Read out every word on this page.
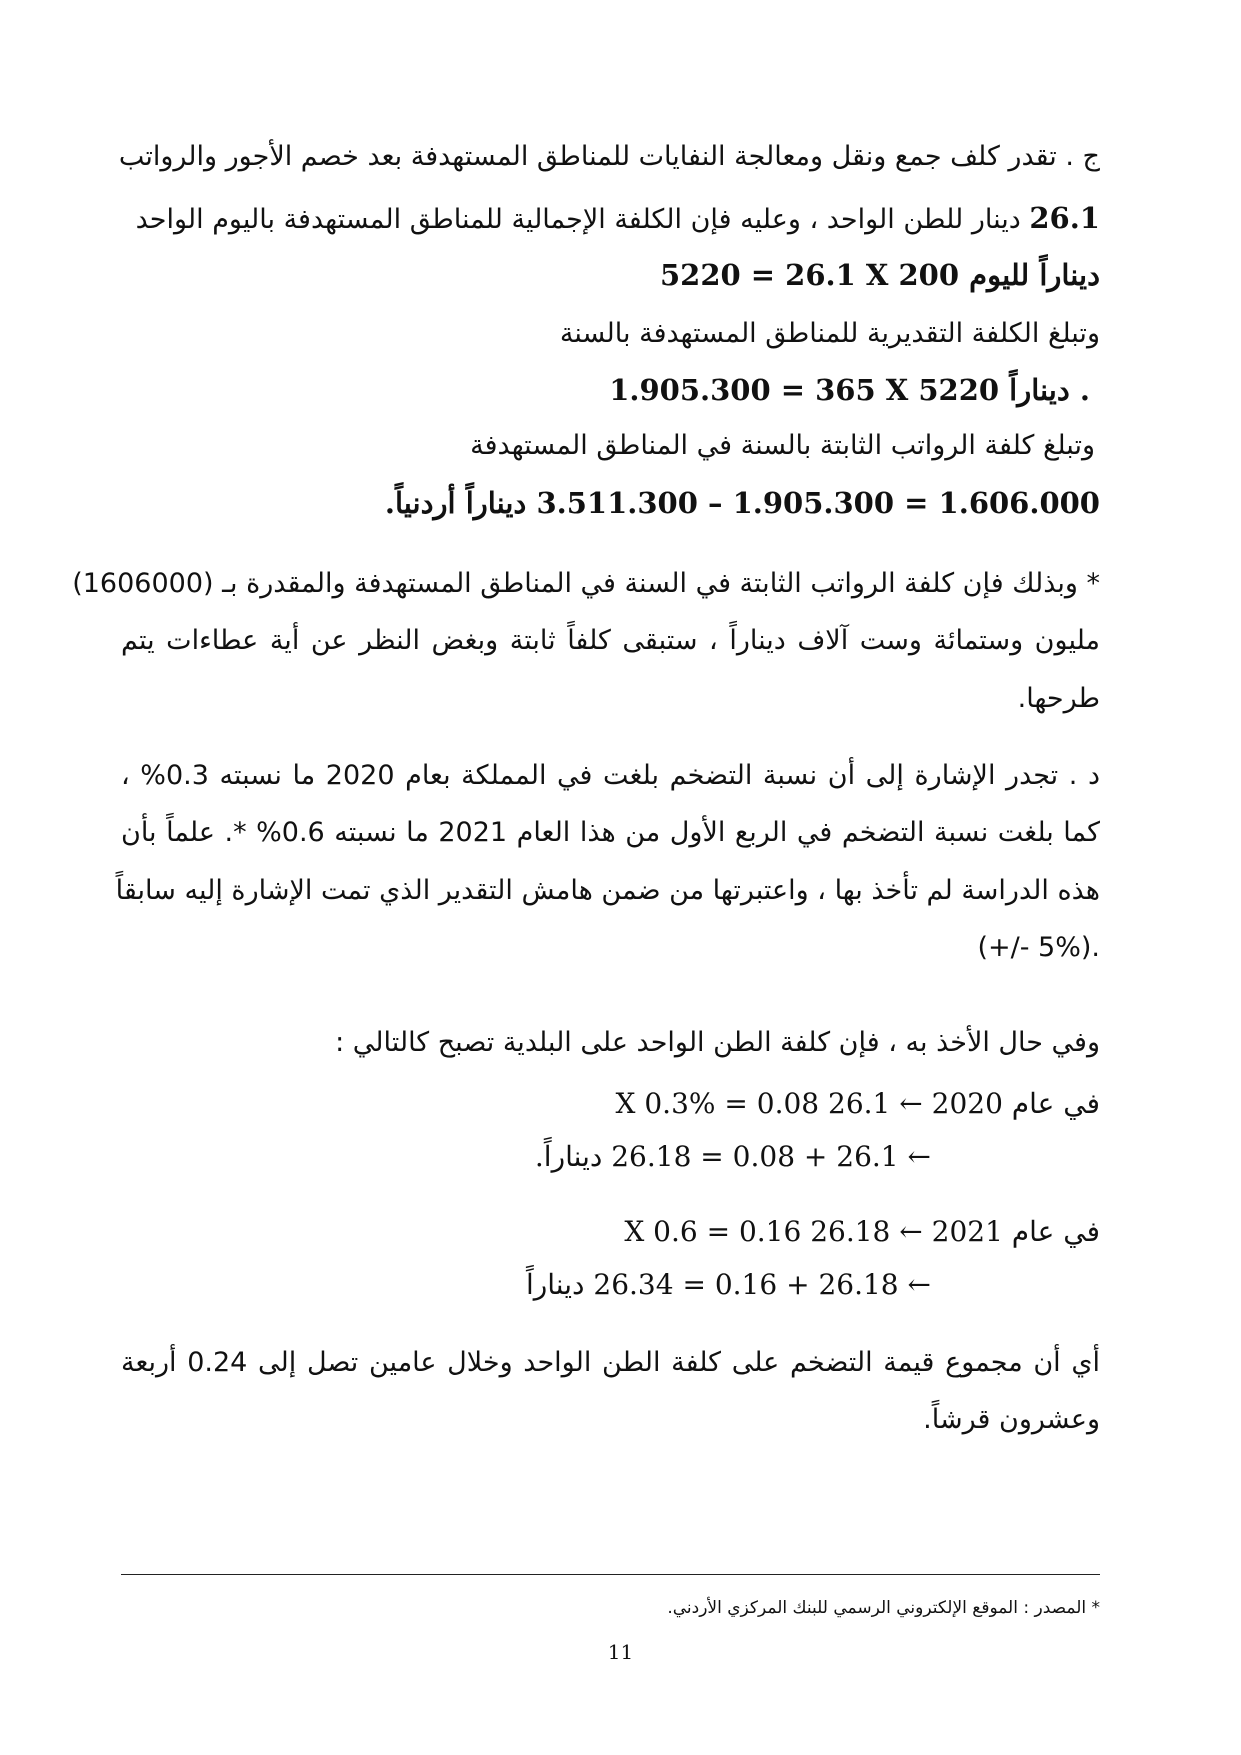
ج . تقدر كلف جمع ونقل ومعالجة النفايات للمناطق المستهدفة بعد خصم الأجور والرواتب
26.1 دينار للطن الواحد ، وعليه فإن الكلفة الإجمالية للمناطق المستهدفة باليوم الواحد
5220 = 26.1 X 200 ديناراً لليوم
وتبلغ الكلفة التقديرية للمناطق المستهدفة بالسنة
1.905.300 = 365 X 5220 ديناراً .
وتبلغ كلفة الرواتب الثابتة بالسنة في المناطق المستهدفة
1.606.000 = 1.905.300 – 3.511.300 ديناراً أردنياً.
* وبذلك فإن كلفة الرواتب الثابتة في السنة في المناطق المستهدفة والمقدرة بـ (1606000)
مليون وستمائة وست آلاف ديناراً ، ستبقى كلفاً ثابتة وبغض النظر عن أية عطاءات يتم
طرحها.
د . تجدر الإشارة إلى أن نسبة التضخم بلغت في المملكة بعام 2020 ما نسبته 0.3% ،
كما بلغت نسبة التضخم في الربع الأول من هذا العام 2021 ما نسبته 0.6% *. علماً بأن
هذه الدراسة لم تأخذ بها ، واعتبرتها من ضمن هامش التقدير الذي تمت الإشارة إليه سابقاً
(+/- 5%).
وفي حال الأخذ به ، فإن كلفة الطن الواحد على البلدية تصبح كالتالي :
في عام 2020 ← 26.1 X 0.3% = 0.08
← 26.1 + 0.08 = 26.18 ديناراً.
في عام 2021 ← 26.18 X 0.6 = 0.16
← 26.18 + 0.16 = 26.34 ديناراً
أي أن مجموع قيمة التضخم على كلفة الطن الواحد وخلال عامين تصل إلى 0.24 أربعة
وعشرون قرشاً.
* المصدر : الموقع الإلكتروني الرسمي للبنك المركزي الأردني.
11
